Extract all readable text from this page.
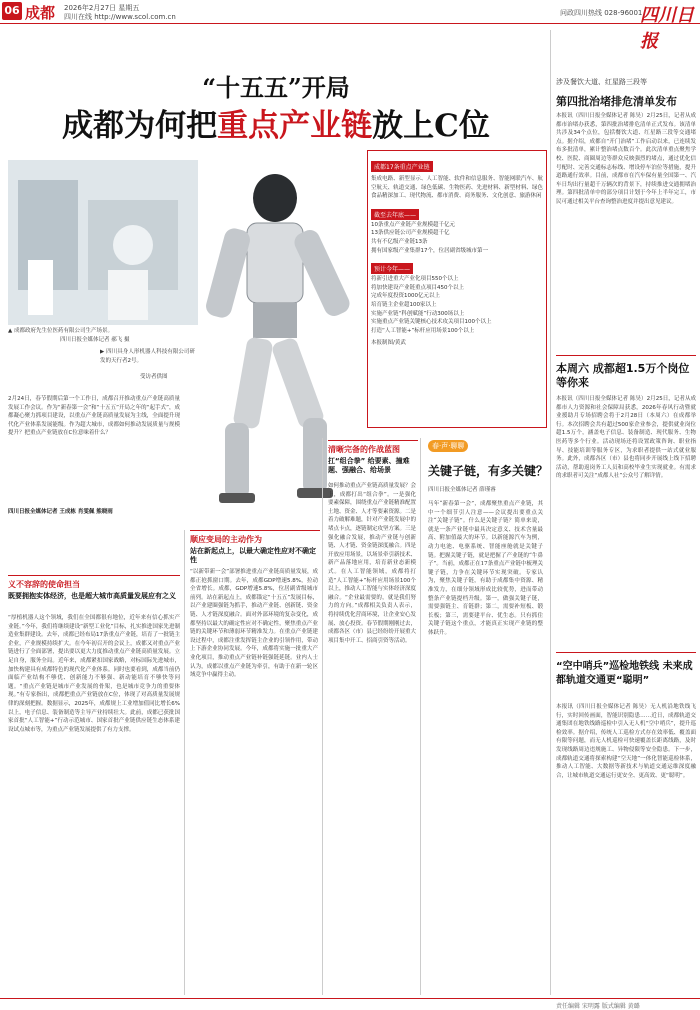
06 成都 2026年2月27日 星期五
四川在线 http://www.scol.com.cn	问政四川热线 028-96001
四川日报
“十五五”开局
成都为何把重点产业链放上C位
▲ 成都政府先生位医药有限公司生产场景。
四川日报全媒体记者 郝飞 摄
▶ 四川具身人形机器人科技有限公司研发的天行者2号。
受访者供图
成都17条重点产业链
集成电路、新型显示、人工智能、软件和信息服务、智能网联汽车、航空航天、轨道交通、绿色低碳、生物医药、先进材料、新型材料、绿色食品精深加工、现代物流、都市消费、商务服务、文化创意、旅游休闲
截至去年底——
10条重点产业链产业规模超千亿元
13条供应链公司产业规模超千亿
共有不亿级产业链13条
拥有国家级产业集群17个，位居副省级城市第一
预计今年——
将新引进重大产业化项目550个以上
将加快建设产业链重点项目450个以上
完成年度投资1000亿元以上
培育链主企业超100家以上
实施产业链“科创赋能”行动300场以上
实施重点产业链关键核心技术攻关项目100个以上
打造“人工智能+”标杆应用场景100个以上
本报制图/黄武
2月24日，春节假期后第一个工作日，成都召开推动重点产业链高质量发展工作会议。作为“新春第一会”和“十五五”开局之年的“起手式”，成都凝心聚力抓项目建设，以重点产业链高质量发展为主线，全面提升现代化产业体系发展能级。作为超大城市，成都如何推动发展质量与规模提升？把重点产业链放在C位意味着什么？
四川日报全媒体记者 王成栋 肖雯佩 熊晓雨
义不容辞的使命担当
既要拥抱实体经济，也是超大城市高质量发展应有之义
“厚植机器人这个领域，我们在全国都很有地位，近年来有信心抓实产业链。”今年，我们将继续建设“新型工业化”目标，扎实推进国家先进制造业集群建设。去年，成都已经布局17条重点产业链，培育了一批链主企业，产业规模持续扩大。在今年初召开的会议上，成都又对重点产业链进行了全面部署，提出要以更大力度推动重点产业链高质量发展。立足自身，服务全局。近年来，成都紧扣国家战略，对标国际先进城市，加快构建具有成都特色的现代化产业体系。同时也要看到，成都当前仍面临产业结构不够优、创新能力不够强、新动能培育不够快等问题。“重点产业链是城市产业发展的骨架，也是城市竞争力的重要体现。”有专家指出，成都把重点产业链放在C位，体现了对高质量发展规律的深刻把握。数据显示，2025年，成都规上工业增加值同比增长6%以上，电子信息、装备制造等主导产业持续壮大。此前，成都已获批国家首批“人工智能+”行动示范城市、国家首批产业链供应链生态体系建设试点城市等，为重点产业链发展提供了有力支撑。
顺应变局的主动作为
站在新起点上，以最大确定性应对不确定性
“以新带新一会”部署推进重点产业链高质量发展，成都正抢抓窗口期。去年，成都GDP增速5.8%，拉动全省增长。成都，GDP增速5.8%，位居副省级城市前列。站在新起点上，成都锚定“十五五”发展目标，以产业建圈强链为抓手，推动产业链、创新链、资金链、人才链深度融合。面对外部环境的复杂变化，成都坚持以最大的确定性应对不确定性，聚焦重点产业链的关键环节和薄弱环节精准发力。在重点产业链建设过程中，成都注重发挥链主企业的引领作用，带动上下游企业协同发展。今年，成都将实施一批重大产业化项目，推动重点产业链补链强链延链。业内人士认为，成都以重点产业链为牵引，有助于在新一轮区域竞争中赢得主动。
清晰完备的作战蓝图
扛“组合拳” 给要素、撞难题、强融合、给场景
如何推动重点产业链高质量发展？会上，成都打出“组合拳”。一是强化要素保障，围绕重点产业链精准配置土地、资金、人才等要素资源。二是着力破解难题，针对产业链发展中的堵点卡点，逐链制定攻坚方案。三是强化融合发展，推动产业链与创新链、人才链、资金链深度融合。四是开放应用场景，以场景牵引新技术、新产品落地应用，培育新业态新模式。在人工智能领域，成都将打造“人工智能+”标杆应用场景100个以上，推动人工智能与实体经济深度融合。“企业最需要的，就是我们努力的方向。”成都相关负责人表示，将持续优化营商环境，让企业安心发展、放心投资。春节假期刚刚过去，成都各区（市）县已经纷纷开展重大项目集中开工、招商引资等活动。
春·声·聊聊
关键子链，有多关键？
四川日报全媒体记者 薛瑾睿
马年“新春第一会”，成都聚焦重点产业链，其中一个细节引人注意——会议提出要重点关注“关键子链”。什么是关键子链？简单来说，就是一条产业链中最具决定意义、技术含量最高、附加值最大的环节。以新能源汽车为例，动力电池、电驱系统、智能座舱就是关键子链。把握关键子链，就是把握了产业链的“牛鼻子”。当前，成都正在17条重点产业链中梳理关键子链，力争在关键环节实现突破。专家认为，聚焦关键子链，有助于成都集中资源、精准发力，在细分领域形成比较优势，进而带动整条产业链提档升级。第一，做强关键子链，需要强链主、育链群；第二，需要补短板、锻长板；第三，需要建平台、优生态。只有抓住关键子链这个重点，才能真正实现产业链的整体跃升。
涉及餐饮大道、红星路三段等
第四批治堵排危清单发布
本报讯（四川日报全媒体记者 陈昊）2月25日，记者从成都市治堵办获悉，第四批治堵排危清单正式发布。该清单共涉及34个点位，包括餐饮大道、红星路三段等交通堵点。据介绍，成都自“开门治堵”工作启动以来，已连续发布多批清单，累计整治堵点数百个。此次清单重点聚焦学校、医院、商圈周边等群众反映强烈的堵点，通过优化信号配时、完善交通标志标线、增设停车泊位等措施，提升道路通行效率。目前，成都市在汽车保有量全国第一、汽车日均出行量超千万辆次的背景下，持续推进交通拥堵治理。第四批清单中的部分项目计划于今年上半年完工，市民可通过相关平台查询整治进度并提出意见建议。
本周六 成都超1.5万个岗位等你来
本报讯（四川日报全媒体记者 陈昊）2月25日，记者从成都市人力资源和社会保障局获悉，2026年春风行动暨就业援助月专场招聘会将于2月28日（本周六）在成都举行。本次招聘会共有超过500家企业参会，提供就业岗位超1.5万个，涵盖电子信息、装备制造、现代服务、生物医药等多个行业。活动现场还将设置政策咨询、职业指导、技能培训等服务专区，为求职者提供一站式就业服务。此外，成都各区（市）县也将同步开展线上线下招聘活动，帮助返岗务工人员和高校毕业生实现就业。有需求的求职者可关注“成都人社”公众号了解详情。
“空中哨兵”巡检地铁线 未来成都轨道交通更“聪明”
本报讯（四川日报全媒体记者 陈昊）无人机沿地铁线飞行，实时回传画面，智能识别隐患……近日，成都轨道交通集团在地铁线路巡检中引入无人机“空中哨兵”，提升巡检效率。据介绍，传统人工巡检方式存在效率低、覆盖面有限等问题，而无人机巡检可快速覆盖长距离线路，及时发现线路周边违规施工、异物侵限等安全隐患。下一步，成都轨道交通将探索构建“空天地”一体化智能巡检体系，推动人工智能、大数据等新技术与轨道交通运维深度融合，让城市轨道交通运行更安全、更高效、更“聪明”。
责任编辑 宋明露 版式编辑 黄璐
